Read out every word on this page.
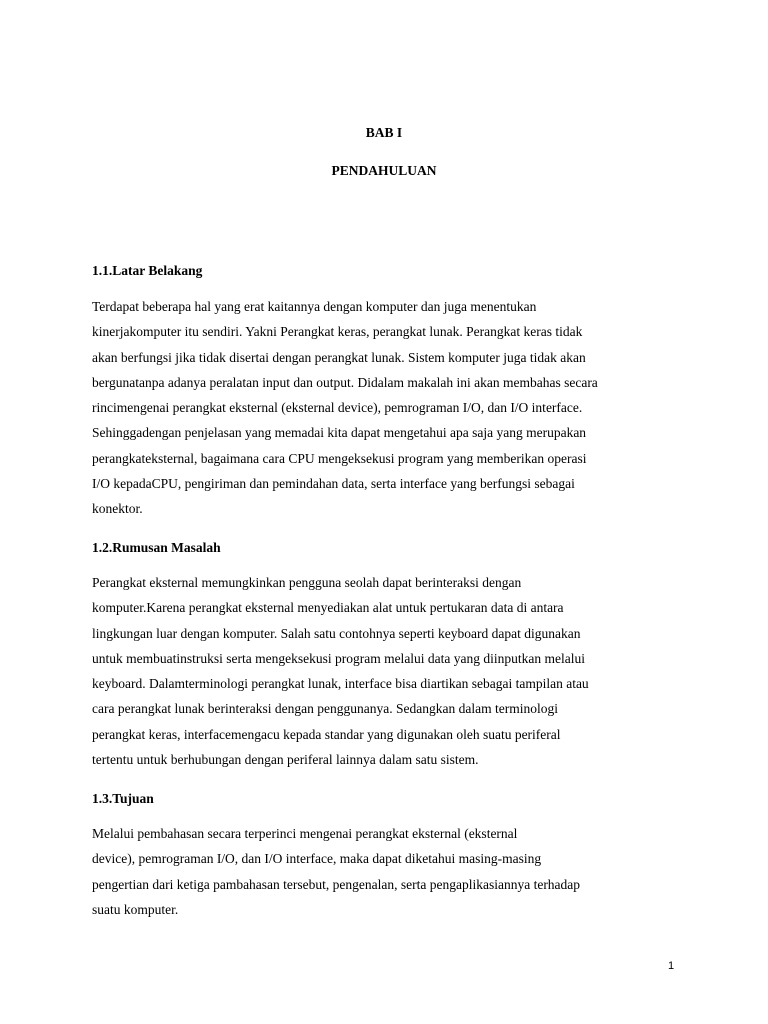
BAB I

PENDAHULUAN

1.1.Latar Belakang

Terdapat beberapa hal yang erat kaitannya dengan komputer dan juga menentukan
kinerjakomputer itu sendiri. Yakni Perangkat keras, perangkat lunak. Perangkat keras tidak
akan berfungsi jika tidak disertai dengan perangkat lunak. Sistem komputer juga tidak akan
bergunatanpa adanya peralatan input dan output. Didalam makalah ini akan membahas secara
rincimengenai perangkat eksternal (eksternal device), pemrograman I/O, dan I/O interface.
Sehinggadengan penjelasan yang memadai kita dapat mengetahui apa saja yang merupakan
perangkateksternal, bagaimana cara CPU mengeksekusi program yang memberikan operasi
I/O kepadaCPU, pengiriman dan pemindahan data, serta interface yang berfungsi sebagai
konektor.

1.2.Rumusan Masalah

Perangkat eksternal memungkinkan pengguna seolah dapat berinteraksi dengan
komputer.Karena perangkat eksternal menyediakan alat untuk pertukaran data di antara
lingkungan luar dengan komputer. Salah satu contohnya seperti keyboard dapat digunakan
untuk membuatinstruksi serta mengeksekusi program melalui data yang diinputkan melalui
keyboard. Dalamterminologi perangkat lunak, interface bisa diartikan sebagai tampilan atau
cara perangkat lunak berinteraksi dengan penggunanya. Sedangkan dalam terminologi
perangkat keras, interfacemengacu kepada standar yang digunakan oleh suatu periferal
tertentu untuk berhubungan dengan periferal lainnya dalam satu sistem.

1.3.Tujuan

Melalui pembahasan secara terperinci mengenai perangkat eksternal (eksternal
device), pemrograman I/O, dan I/O interface, maka dapat diketahui masing-masing
pengertian dari ketiga pambahasan tersebut, pengenalan, serta pengaplikasiannya terhadap
suatu komputer.

1
